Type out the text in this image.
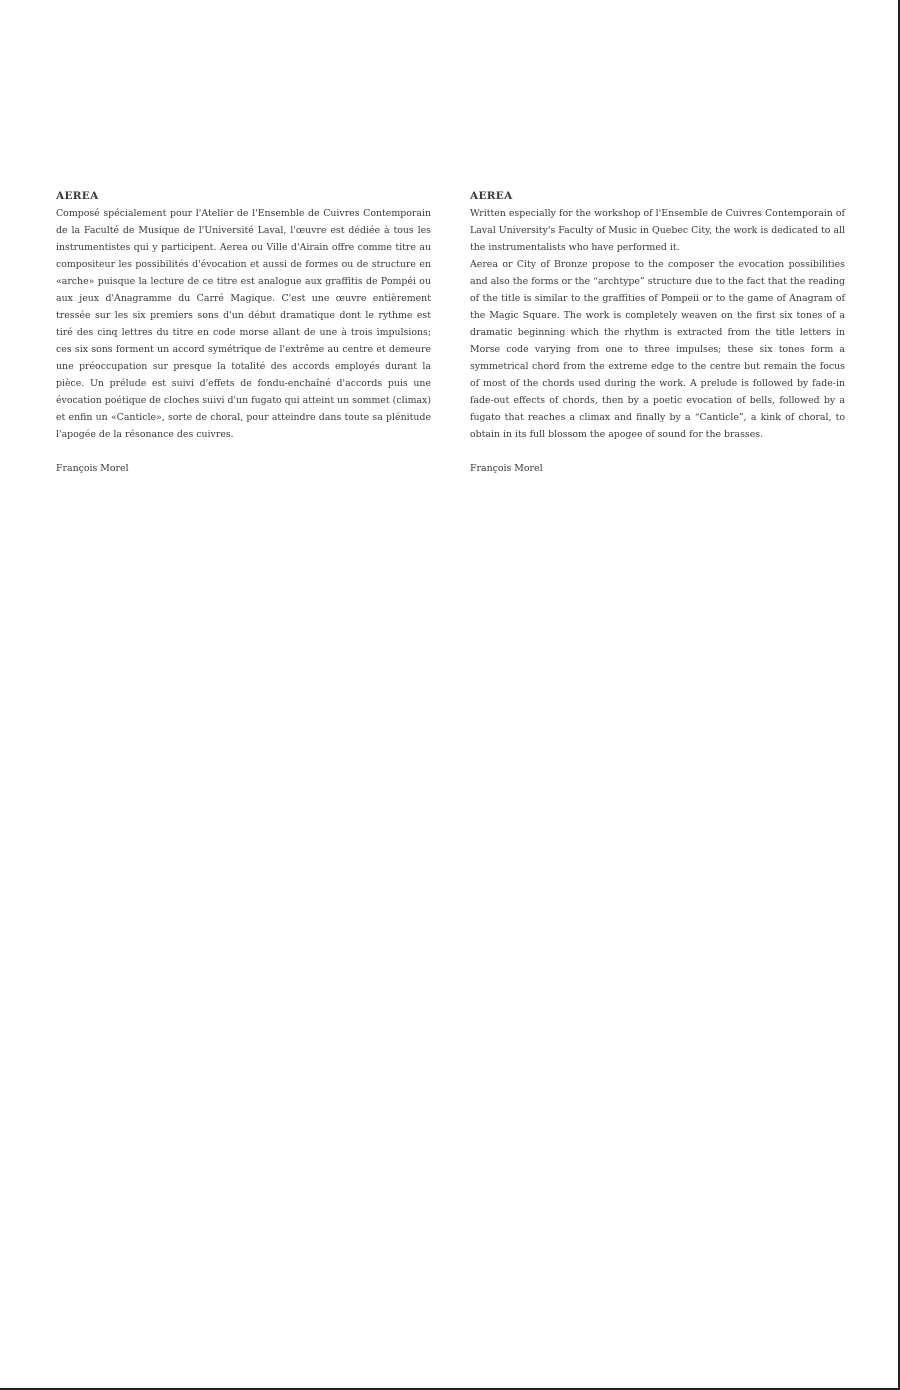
AEREA

Composé spécialement pour l'Atelier de l'Ensemble de Cuivres Contemporain de la Faculté de Musique de l'Université Laval, l'œuvre est dédiée à tous les instrumentistes qui y participent. Aerea ou Ville d'Airain offre comme titre au compositeur les possibilités d'évocation et aussi de formes ou de structure en «arche» puisque la lecture de ce titre est analogue aux graffitis de Pompéi ou aux jeux d'Anagramme du Carré Magique. C'est une œuvre entièrement tressée sur les six premiers sons d'un début dramatique dont le rythme est tiré des cinq lettres du titre en code morse allant de une à trois impulsions; ces six sons forment un accord symétrique de l'extrême au centre et demeure une préoccupation sur presque la totalité des accords employés durant la pièce. Un prélude est suivi d'effets de fondu-enchaîné d'accords puis une évocation poétique de cloches suivi d'un fugato qui atteint un sommet (climax) et enfin un «Canticle», sorte de choral, pour atteindre dans toute sa plénitude l'apogée de la résonance des cuivres.

François Morel

AEREA

Written especially for the workshop of l'Ensemble de Cuivres Contemporain of Laval University's Faculty of Music in Quebec City, the work is dedicated to all the instrumentalists who have performed it.

Aerea or City of Bronze propose to the composer the evocation possibilities and also the forms or the “archtype” structure due to the fact that the reading of the title is similar to the graffities of Pompeii or to the game of Anagram of the Magic Square. The work is completely weaven on the first six tones of a dramatic beginning which the rhythm is extracted from the title letters in Morse code varying from one to three impulses; these six tones form a symmetrical chord from the extreme edge to the centre but remain the focus of most of the chords used during the work. A prelude is followed by fade-in fade-out effects of chords, then by a poetic evocation of bells, followed by a fugato that reaches a climax and finally by a “Canticle”, a kink of choral, to obtain in its full blossom the apogee of sound for the brasses.

François Morel
